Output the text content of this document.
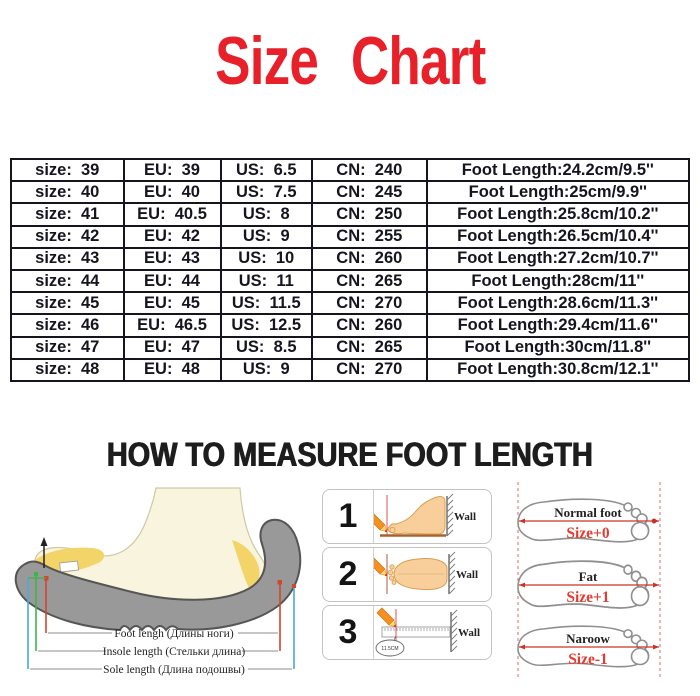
Size Chart
size:  39	EU:  39	US:  6.5	CN:  240	Foot Length:24.2cm/9.5''
size:  40	EU:  40	US:  7.5	CN:  245	Foot Length:25cm/9.9''
size:  41	EU:  40.5	US:  8	CN:  250	Foot Length:25.8cm/10.2''
size:  42	EU:  42	US:  9	CN:  255	Foot Length:26.5cm/10.4''
size:  43	EU:  43	US:  10	CN:  260	Foot Length:27.2cm/10.7''
size:  44	EU:  44	US:  11	CN:  265	Foot Length:28cm/11''
size:  45	EU:  45	US:  11.5	CN:  270	Foot Length:28.6cm/11.3''
size:  46	EU:  46.5	US:  12.5	CN:  260	Foot Length:29.4cm/11.6''
size:  47	EU:  47	US:  8.5	CN:  265	Foot Length:30cm/11.8''
size:  48	EU:  48	US:  9	CN:  270	Foot Length:30.8cm/12.1''
HOW TO MEASURE FOOT LENGTH
Foot lengh (Длины ноги)
Insole length (Стельки длина)
Sole length (Длина подошвы)
1	Wall
2	Wall
3	11.5CM
Wall
Normal foot
Size+0
Fat
Size+1
Naroow
Size-1
